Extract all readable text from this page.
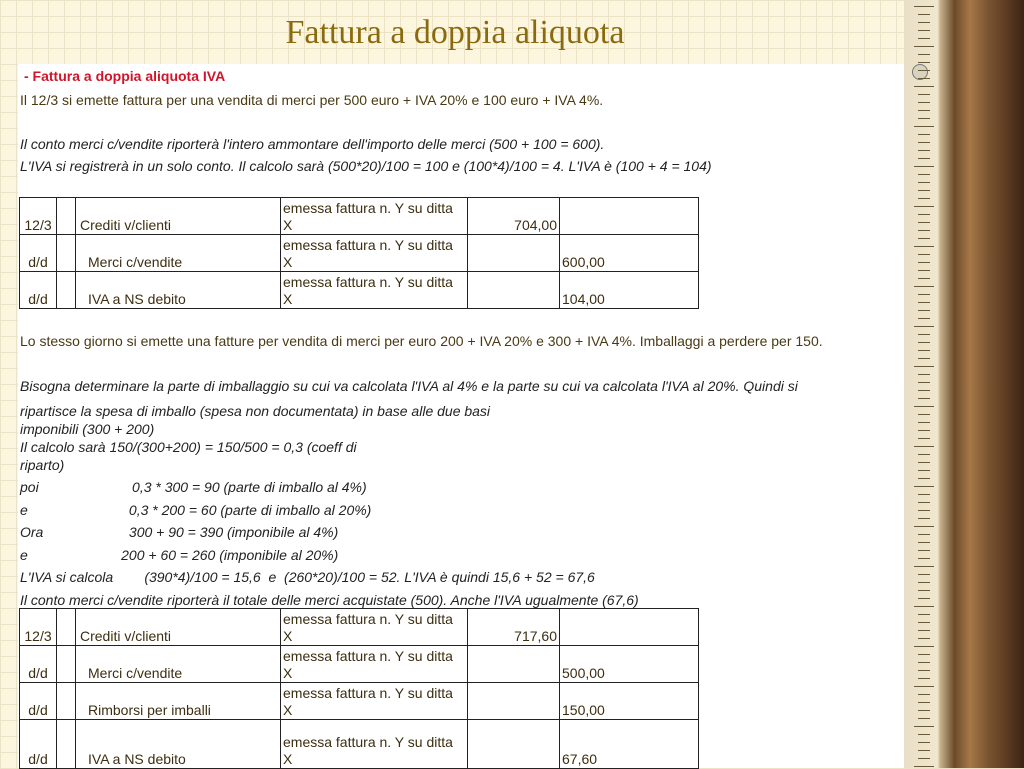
Fattura a doppia aliquota
- Fattura a doppia aliquota IVA
Il 12/3 si emette fattura per una vendita di merci per 500 euro + IVA 20% e 100 euro + IVA 4%.
Il conto merci c/vendite riporterà l'intero ammontare dell'importo delle merci (500 + 100 = 600).
L'IVA si registrerà in un solo conto. Il calcolo sarà (500*20)/100 = 100 e (100*4)/100 = 4. L'IVA è (100 + 4 = 104)
12/3		Crediti v/clienti	emessa fattura n. Y su ditta X	704,00	
d/d		Merci c/vendite	emessa fattura n. Y su ditta X		600,00
d/d		IVA a NS debito	emessa fattura n. Y su ditta X		104,00
Lo stesso giorno si emette una fatture per vendita di merci per euro 200 + IVA 20% e 300 + IVA 4%. Imballaggi a perdere per 150.
Bisogna determinare la parte di imballaggio su cui va calcolata l'IVA al 4% e la parte su cui va calcolata l'IVA al 20%. Quindi si
ripartisce la spesa di imballo (spesa non documentata) in base alle due basi
imponibili (300 + 200)
Il calcolo sarà 150/(300+200) = 150/500 = 0,3 (coeff di
riparto)
poi                        0,3 * 300 = 90 (parte di imballo al 4%)
e                          0,3 * 200 = 60 (parte di imballo al 20%)
Ora                      300 + 90 = 390 (imponibile al 4%)
e                        200 + 60 = 260 (imponibile al 20%)
L'IVA si calcola        (390*4)/100 = 15,6  e  (260*20)/100 = 52. L'IVA è quindi 15,6 + 52 = 67,6
Il conto merci c/vendite riporterà il totale delle merci acquistate (500). Anche l'IVA ugualmente (67,6)
12/3		Crediti v/clienti	emessa fattura n. Y su ditta X	717,60	
d/d		Merci c/vendite	emessa fattura n. Y su ditta X		500,00
d/d		Rimborsi per imballi	emessa fattura n. Y su ditta X		150,00
d/d		IVA a NS debito	emessa fattura n. Y su ditta X		67,60
